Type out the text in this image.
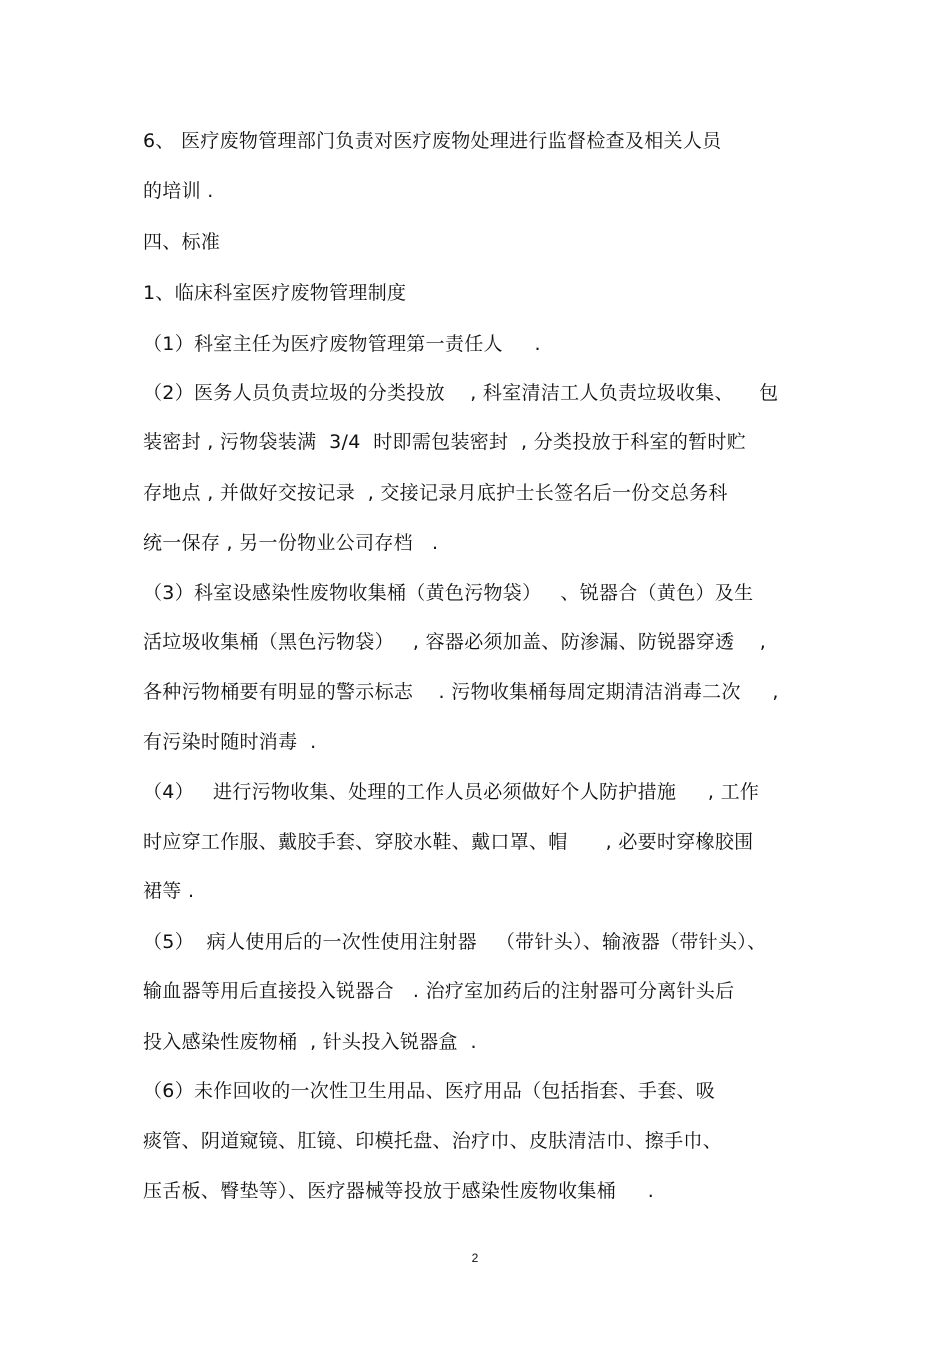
6、 医疗废物管理部门负责对医疗废物处理进行监督检查及相关人员
的培训 .
四、标准
1、临床科室医疗废物管理制度
（1）科室主任为医疗废物管理第一责任人     .
（2）医务人员负责垃圾的分类投放    , 科室清洁工人负责垃圾收集、    包
装密封 , 污物袋装满  3/4  时即需包装密封  , 分类投放于科室的暂时贮
存地点 , 并做好交按记录  , 交接记录月底护士长签名后一份交总务科
统一保存 , 另一份物业公司存档   .
（3）科室设感染性废物收集桶（黄色污物袋）   、锐器合（黄色）及生
活垃圾收集桶（黑色污物袋）   , 容器必须加盖、防渗漏、防锐器穿透    ,
各种污物桶要有明显的警示标志    . 污物收集桶每周定期清洁消毒二次     ,
有污染时随时消毒  .
（4）   进行污物收集、处理的工作人员必须做好个人防护措施     , 工作
时应穿工作服、戴胶手套、穿胶水鞋、戴口罩、帽      , 必要时穿橡胶围
裙等 .
（5）  病人使用后的一次性使用注射器   （带针头）、输液器（带针头）、
输血器等用后直接投入锐器合   . 治疗室加药后的注射器可分离针头后
投入感染性废物桶  , 针头投入锐器盒  .
（6）未作回收的一次性卫生用品、医疗用品（包括指套、手套、吸
痰管、阴道窥镜、肛镜、印模托盘、治疗巾、皮肤清洁巾、擦手巾、
压舌板、臀垫等）、医疗器械等投放于感染性废物收集桶     .
2
